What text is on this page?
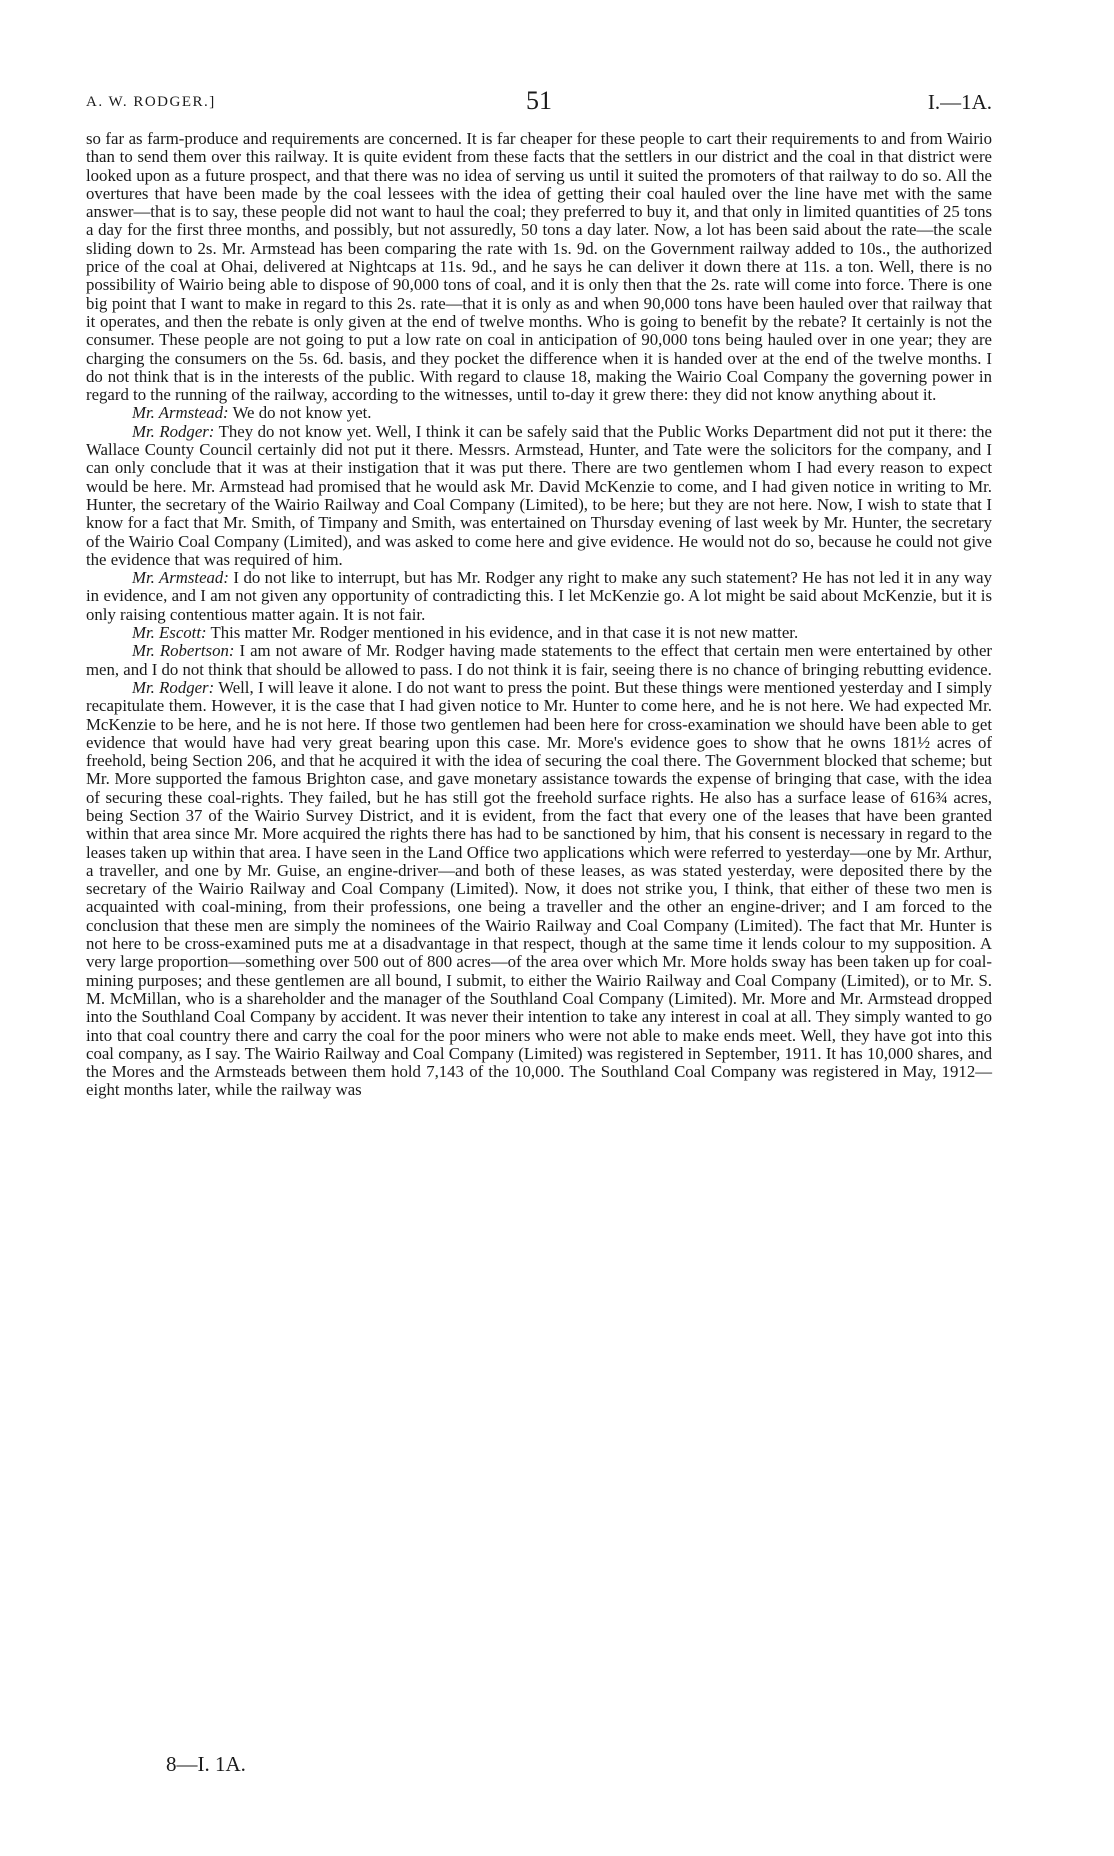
A. W. RODGER.]	51	I.—1A.

so far as farm-produce and requirements are concerned. It is far cheaper for these people to cart their requirements to and from Wairio than to send them over this railway. It is quite evident from these facts that the settlers in our district and the coal in that district were looked upon as a future prospect, and that there was no idea of serving us until it suited the promoters of that railway to do so. All the overtures that have been made by the coal lessees with the idea of getting their coal hauled over the line have met with the same answer—that is to say, these people did not want to haul the coal; they preferred to buy it, and that only in limited quantities of 25 tons a day for the first three months, and possibly, but not assuredly, 50 tons a day later. Now, a lot has been said about the rate—the scale sliding down to 2s. Mr. Armstead has been comparing the rate with 1s. 9d. on the Government railway added to 10s., the authorized price of the coal at Ohai, delivered at Nightcaps at 11s. 9d., and he says he can deliver it down there at 11s. a ton. Well, there is no possibility of Wairio being able to dispose of 90,000 tons of coal, and it is only then that the 2s. rate will come into force. There is one big point that I want to make in regard to this 2s. rate—that it is only as and when 90,000 tons have been hauled over that railway that it operates, and then the rebate is only given at the end of twelve months. Who is going to benefit by the rebate? It certainly is not the consumer. These people are not going to put a low rate on coal in anticipation of 90,000 tons being hauled over in one year; they are charging the consumers on the 5s. 6d. basis, and they pocket the difference when it is handed over at the end of the twelve months. I do not think that is in the interests of the public. With regard to clause 18, making the Wairio Coal Company the governing power in regard to the running of the railway, according to the witnesses, until to-day it grew there: they did not know anything about it.

Mr. Armstead: We do not know yet.

Mr. Rodger: They do not know yet. Well, I think it can be safely said that the Public Works Department did not put it there: the Wallace County Council certainly did not put it there. Messrs. Armstead, Hunter, and Tate were the solicitors for the company, and I can only conclude that it was at their instigation that it was put there. There are two gentlemen whom I had every reason to expect would be here. Mr. Armstead had promised that he would ask Mr. David McKenzie to come, and I had given notice in writing to Mr. Hunter, the secretary of the Wairio Railway and Coal Company (Limited), to be here; but they are not here. Now, I wish to state that I know for a fact that Mr. Smith, of Timpany and Smith, was entertained on Thursday evening of last week by Mr. Hunter, the secretary of the Wairio Coal Company (Limited), and was asked to come here and give evidence. He would not do so, because he could not give the evidence that was required of him.

Mr. Armstead: I do not like to interrupt, but has Mr. Rodger any right to make any such statement? He has not led it in any way in evidence, and I am not given any opportunity of contradicting this. I let McKenzie go. A lot might be said about McKenzie, but it is only raising contentious matter again. It is not fair.

Mr. Escott: This matter Mr. Rodger mentioned in his evidence, and in that case it is not new matter.

Mr. Robertson: I am not aware of Mr. Rodger having made statements to the effect that certain men were entertained by other men, and I do not think that should be allowed to pass. I do not think it is fair, seeing there is no chance of bringing rebutting evidence.

Mr. Rodger: Well, I will leave it alone. I do not want to press the point. But these things were mentioned yesterday and I simply recapitulate them. However, it is the case that I had given notice to Mr. Hunter to come here, and he is not here. We had expected Mr. McKenzie to be here, and he is not here. If those two gentlemen had been here for cross-examination we should have been able to get evidence that would have had very great bearing upon this case. Mr. More's evidence goes to show that he owns 181½ acres of freehold, being Section 206, and that he acquired it with the idea of securing the coal there. The Government blocked that scheme; but Mr. More supported the famous Brighton case, and gave monetary assistance towards the expense of bringing that case, with the idea of securing these coal-rights. They failed, but he has still got the freehold surface rights. He also has a surface lease of 616¾ acres, being Section 37 of the Wairio Survey District, and it is evident, from the fact that every one of the leases that have been granted within that area since Mr. More acquired the rights there has had to be sanctioned by him, that his consent is necessary in regard to the leases taken up within that area. I have seen in the Land Office two applications which were referred to yesterday—one by Mr. Arthur, a traveller, and one by Mr. Guise, an engine-driver—and both of these leases, as was stated yesterday, were deposited there by the secretary of the Wairio Railway and Coal Company (Limited). Now, it does not strike you, I think, that either of these two men is acquainted with coal-mining, from their professions, one being a traveller and the other an engine-driver; and I am forced to the conclusion that these men are simply the nominees of the Wairio Railway and Coal Company (Limited). The fact that Mr. Hunter is not here to be cross-examined puts me at a disadvantage in that respect, though at the same time it lends colour to my supposition. A very large proportion—something over 500 out of 800 acres—of the area over which Mr. More holds sway has been taken up for coal-mining purposes; and these gentlemen are all bound, I submit, to either the Wairio Railway and Coal Company (Limited), or to Mr. S. M. McMillan, who is a shareholder and the manager of the Southland Coal Company (Limited). Mr. More and Mr. Armstead dropped into the Southland Coal Company by accident. It was never their intention to take any interest in coal at all. They simply wanted to go into that coal country there and carry the coal for the poor miners who were not able to make ends meet. Well, they have got into this coal company, as I say. The Wairio Railway and Coal Company (Limited) was registered in September, 1911. It has 10,000 shares, and the Mores and the Armsteads between them hold 7,143 of the 10,000. The Southland Coal Company was registered in May, 1912—eight months later, while the railway was

8—I. 1A.
